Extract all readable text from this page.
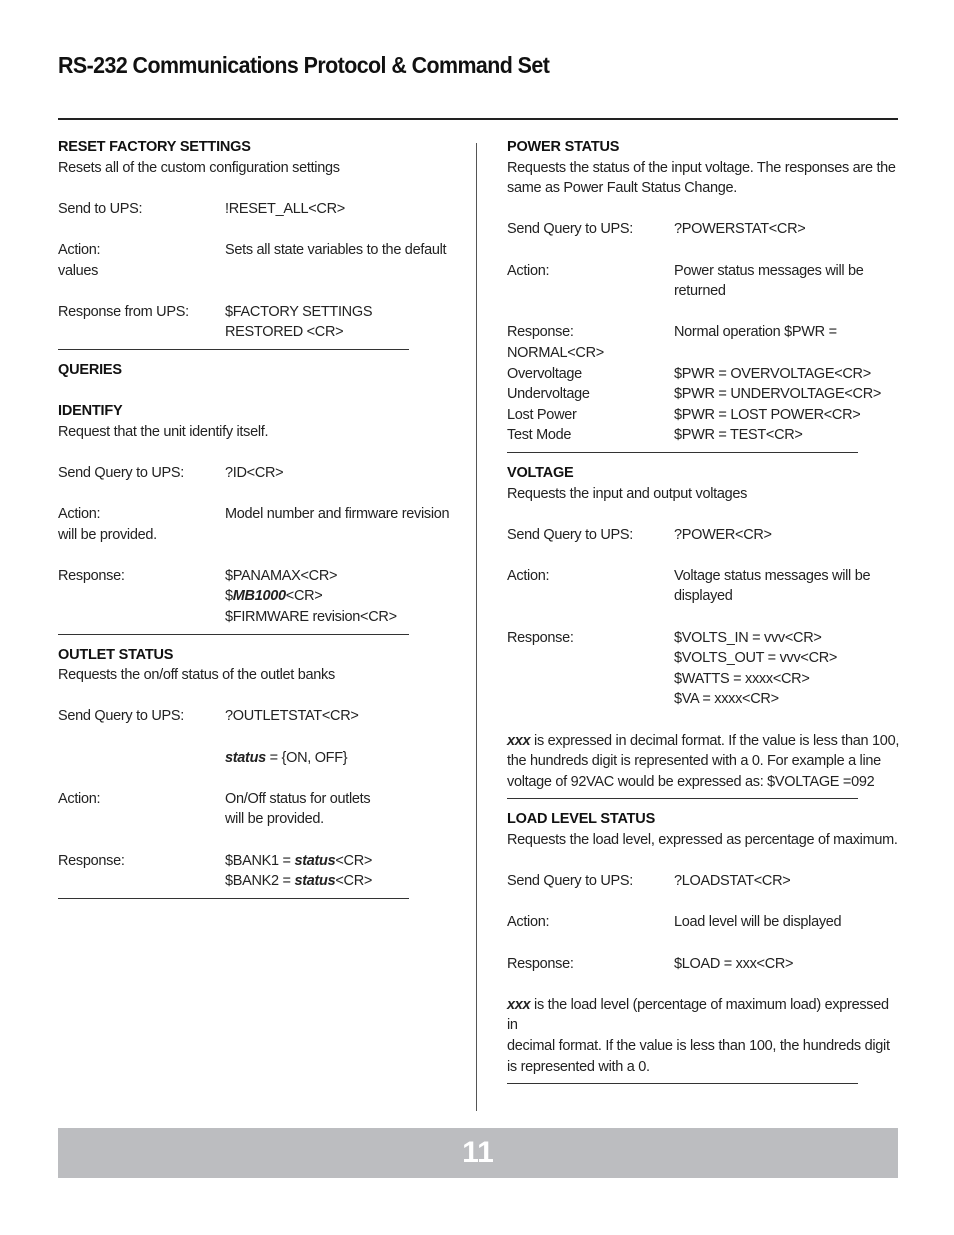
RS-232 Communications Protocol & Command Set
RESET FACTORY SETTINGS
Resets all of the custom configuration settings
Send to UPS:	!RESET_ALL<CR>
Action:	Sets all state variables to the default
values
Response from UPS:	$FACTORY SETTINGS
RESTORED <CR>
QUERIES
IDENTIFY
Request that the unit identify itself.
Send Query to UPS:	?ID<CR>
Action:	Model number and firmware revision
will be provided.
Response:	$PANAMAX<CR>
$MB1000<CR>
$FIRMWARE revision<CR>
OUTLET STATUS
Requests the on/off status of the outlet banks
Send Query to UPS:	?OUTLETSTAT<CR>
status = {ON, OFF}
Action:	On/Off status for outlets
will be provided.
Response:	$BANK1 = status<CR>
$BANK2 = status<CR>
POWER STATUS
Requests the status of the input voltage. The responses are the
same as Power Fault Status Change.
Send Query to UPS:	?POWERSTAT<CR>
Action:	Power status messages will be
returned
Response:	Normal operation $PWR =
NORMAL<CR>
Overvoltage	$PWR = OVERVOLTAGE<CR>
Undervoltage	$PWR = UNDERVOLTAGE<CR>
Lost Power	$PWR = LOST POWER<CR>
Test Mode	$PWR = TEST<CR>
VOLTAGE
Requests the input and output voltages
Send Query to UPS:	?POWER<CR>
Action:	Voltage status messages will be
displayed
Response:	$VOLTS_IN = vvv<CR>
$VOLTS_OUT = vvv<CR>
$WATTS = xxxx<CR>
$VA = xxxx<CR>
xxx is expressed in decimal format. If the value is less than 100,
the hundreds digit is represented with a 0. For example a line
voltage of 92VAC would be expressed as: $VOLTAGE =092
LOAD LEVEL STATUS
Requests the load level, expressed as percentage of maximum.
Send Query to UPS:	?LOADSTAT<CR>
Action:	Load level will be displayed
Response:	$LOAD = xxx<CR>
xxx is the load level (percentage of maximum load) expressed in
decimal format. If the value is less than 100, the hundreds digit
is represented with a 0.
11
